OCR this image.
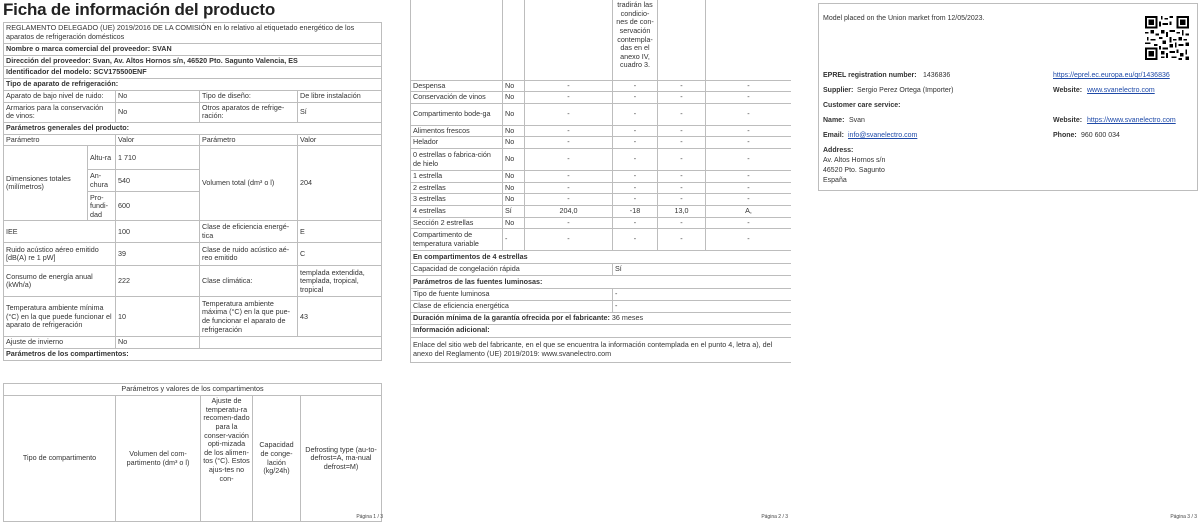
Ficha de información del producto
REGLAMENTO DELEGADO (UE) 2019/2016 DE LA COMISIÓN en lo relativo al etiquetado energético de los aparatos de refrigeración domésticos				
Nombre o marca comercial del proveedor: SVAN				
Dirección del proveedor: Svan, Av. Altos Hornos s/n, 46520 Pto. Sagunto Valencia, ES				
Identificador del modelo: SCV175500ENF				
Tipo de aparato de refrigeración:				
Aparato de bajo nivel de ruido:		No	Tipo de diseño:	De libre instalación
Armarios para la conservación de vinos:		No	Otros aparatos de refrige-ración:	Sí
Parámetros generales del producto:				
Parámetro		Valor	Parámetro	Valor
Dimensiones totales (milímetros)	Altu-ra	1 710	Volumen total (dm³ o l)	204
	An-chura	540		
	Pro-fundi-dad	600		
IEE		100	Clase de eficiencia energé-tica	E
Ruido acústico aéreo emitido [dB(A) re 1 pW]		39	Clase de ruido acústico aé-reo emitido	C
Consumo de energía anual (kWh/a)		222	Clase climática:	templada extendida, templada, tropical, tropical
Temperatura ambiente mínima (°C) en la que puede funcionar el aparato de refrigeración		10	Temperatura ambiente máxima (°C) en la que pue-de funcionar el aparato de refrigeración	43
Ajuste de invierno		No		
Parámetros de los compartimentos:				
Parámetros y valores de los compartimentos
Tipo de compartimento	Volumen del com-partimento (dm³ o l)	Ajuste de temperatu-ra recomen-dado para la conser-vación opti-mizada de los alimen-tos (°C). Estos ajus-tes no con-	Capacidad de conge-lación (kg/24h)	Defrosting type (au-to-defrost=A, ma-nual defrost=M)
Página 1 / 3
			tradirán las condicio-nes de con-servación contempla-das en el anexo IV, cuadro 3.		
Despensa	No	-	-	-	-
Conservación de vinos	No	-	-	-	-
Compartimento bode-ga	No	-	-	-	-
Alimentos frescos	No	-	-	-	-
Helador	No	-	-	-	-
0 estrellas o fabrica-ción de hielo	No	-	-	-	-
1 estrella	No	-	-	-	-
2 estrellas	No	-	-	-	-
3 estrellas	No	-	-	-	-
4 estrellas	Sí	204,0	-18	13,0	A,
Sección 2 estrellas	No	-	-	-	-
Compartimento de temperatura variable	-	-	-	-	-
En compartimentos de 4 estrellas					
Capacidad de congelación rápida			Sí		
Parámetros de las fuentes luminosas:					
Tipo de fuente luminosa			-		
Clase de eficiencia energética			-		
Duración mínima de la garantía ofrecida por el fabricante: 36 meses					
Información adicional:					
Enlace del sitio web del fabricante, en el que se encuentra la información contemplada en el punto 4, letra a), del anexo del Reglamento (UE) 2019/2019: www.svanelectro.com					
Página 2 / 3
Model placed on the Union market from 12/05/2023.
EPREL registration number: 1436836	https://eprel.ec.europa.eu/qr/1436836
Supplier: Sergio Perez Ortega (Importer)	Website: www.svanelectro.com
Customer care service:
Name: Svan	Website: https://www.svanelectro.com
Email: info@svanelectro.com	Phone: 960 600 034
Address:
Av. Altos Hornos s/n
46520 Pto. Sagunto
España
Página 3 / 3
